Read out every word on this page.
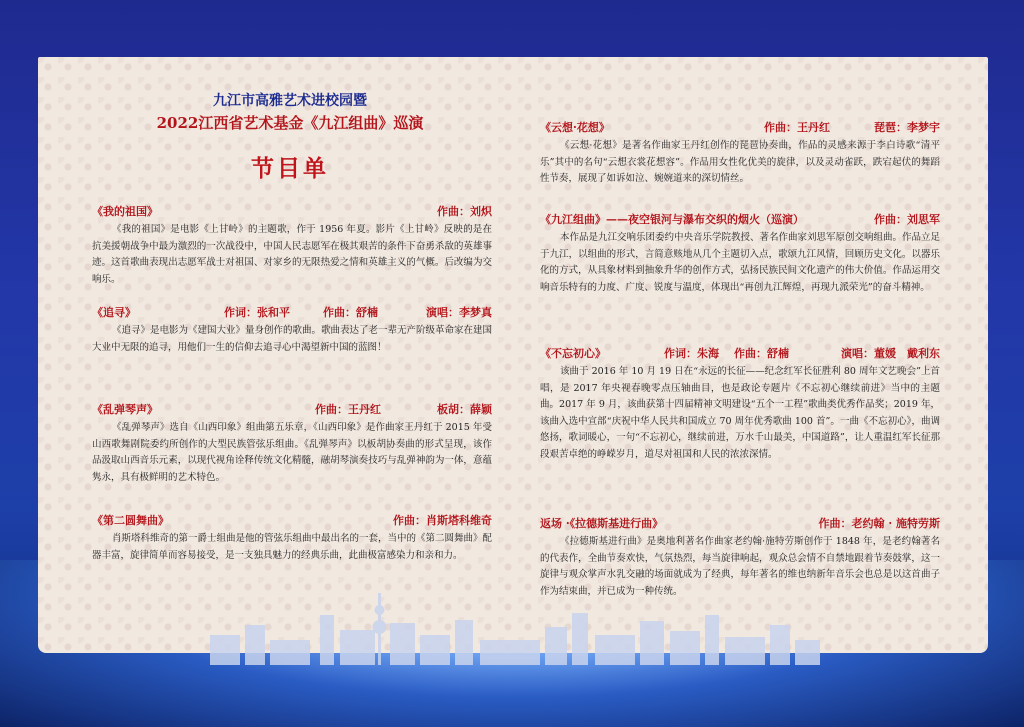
九江市高雅艺术进校园暨
2022江西省艺术基金《九江组曲》巡演
节目单
《我的祖国》	作曲：刘炽
《我的祖国》是电影《上甘岭》的主题歌，作于 1956 年夏。影片《上甘岭》反映的是在抗美援朝战争中最为激烈的一次战役中，中国人民志愿军在极其艰苦的条件下奋勇杀敌的英雄事迹。这首歌曲表现出志愿军战士对祖国、对家乡的无限热爱之情和英雄主义的气概。后改编为交响乐。
《追寻》	作词：张和平	作曲：舒楠	演唱：李梦真
《追寻》是电影为《建国大业》量身创作的歌曲。歌曲表达了老一辈无产阶级革命家在建国大业中无限的追寻，用他们一生的信仰去追寻心中渴望新中国的蓝图！
《乱弹琴声》	作曲：王丹红	板胡：薛颖
《乱弹琴声》选自《山西印象》组曲第五乐章，《山西印象》是作曲家王丹红于 2015 年受山西歌舞剧院委约所创作的大型民族管弦乐组曲。《乱弹琴声》以板胡协奏曲的形式呈现，该作品汲取山西音乐元素，以现代视角诠释传统文化精髓，融胡琴演奏技巧与乱弹神韵为一体，意蕴隽永，具有极鲜明的艺术特色。
《第二圆舞曲》	作曲：肖斯塔科维奇
肖斯塔科维奇的第一爵士组曲是他的管弦乐组曲中最出名的一套，当中的《第二圆舞曲》配器丰富，旋律简单而容易接受，是一支独具魅力的经典乐曲，此曲极富感染力和亲和力。
《云想·花想》	作曲：王丹红	琵琶：李梦宇
《云想·花想》是著名作曲家王丹红创作的琵琶协奏曲，作品的灵感来源于李白诗歌“清平乐”其中的名句“云想衣裳花想容”。作品用女性化优美的旋律，以及灵动雀跃，跌宕起伏的舞蹈性节奏，展现了如诉如泣、婉婉道来的深切情丝。
《九江组曲》——夜空银河与瀑布交织的烟火（巡演）	作曲：刘思军
本作品是九江交响乐团委约中央音乐学院教授、著名作曲家刘思军原创交响组曲。作品立足于九江，以组曲的形式，言简意赅地从几个主题切入点，歌颂九江风情，回顾历史文化。以器乐化的方式，从具象材料到抽象升华的创作方式，弘扬民族民间文化遗产的伟大价值。作品运用交响音乐特有的力度、广度、锐度与温度，体现出“再创九江辉煌，再现九派荣光”的奋斗精神。
《不忘初心》	作词：朱海 作曲：舒楠	演唱：董媛　戴利东
该曲于 2016 年 10 月 19 日在“永远的长征——纪念红军长征胜利 80 周年文艺晚会”上首唱，是 2017 年央视春晚零点压轴曲目，也是政论专题片《不忘初心继续前进》当中的主题曲。2017 年 9 月，该曲获第十四届精神文明建设“五个一工程”歌曲类优秀作品奖；2019 年，该曲入选中宣部“庆祝中华人民共和国成立 70 周年优秀歌曲 100 首”。一曲《不忘初心》，曲调悠扬，歌词暖心，一句“不忘初心，继续前进，万水千山最美，中国道路”，让人重温红军长征那段艰苦卓绝的峥嵘岁月，道尽对祖国和人民的浓浓深情。
返场 ·《拉德斯基进行曲》	作曲：老约翰 · 施特劳斯
《拉德斯基进行曲》是奥地利著名作曲家老约翰·施特劳斯创作于 1848 年，是老约翰著名的代表作，全曲节奏欢快，气氛热烈，每当旋律响起，观众总会情不自禁地跟着节奏鼓掌，这一旋律与观众掌声水乳交融的场面就成为了经典，每年著名的维也纳新年音乐会也总是以这首曲子作为结束曲，并已成为一种传统。
